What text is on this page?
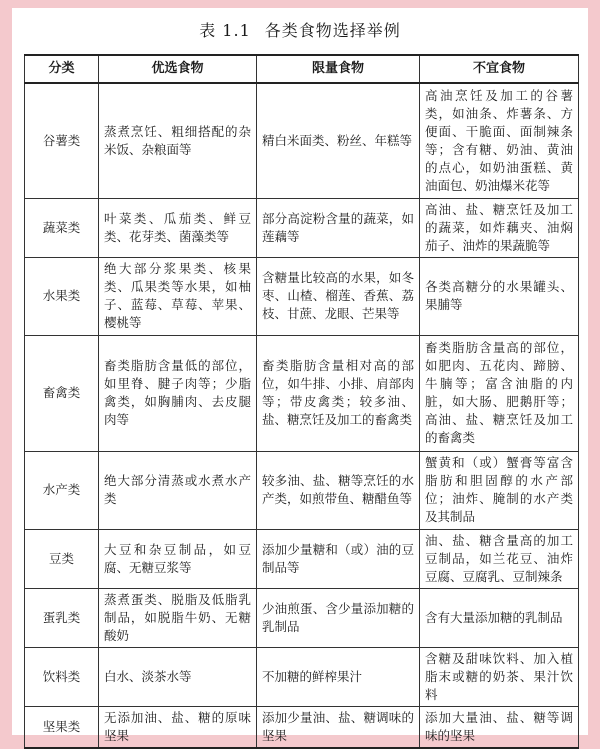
表 1.1 各类食物选择举例
分类	优选食物	限量食物	不宜食物
谷薯类	蒸煮烹饪、粗细搭配的杂米饭、杂粮面等	精白米面类、粉丝、年糕等	高油烹饪及加工的谷薯类，如油条、炸薯条、方便面、干脆面、面制辣条等；含有糖、奶油、黄油的点心，如奶油蛋糕、黄油面包、奶油爆米花等
蔬菜类	叶菜类、瓜茄类、鲜豆类、花芽类、菌藻类等	部分高淀粉含量的蔬菜，如莲藕等	高油、盐、糖烹饪及加工的蔬菜，如炸藕夹、油焖茄子、油炸的果蔬脆等
水果类	绝大部分浆果类、核果类、瓜果类等水果，如柚子、蓝莓、草莓、苹果、樱桃等	含糖量比较高的水果，如冬枣、山楂、榴莲、香蕉、荔枝、甘蔗、龙眼、芒果等	各类高糖分的水果罐头、果脯等
畜禽类	畜类脂肪含量低的部位，如里脊、腱子肉等；少脂禽类，如胸脯肉、去皮腿肉等	畜类脂肪含量相对高的部位，如牛排、小排、肩部肉等；带皮禽类；较多油、盐、糖烹饪及加工的畜禽类	畜类脂肪含量高的部位，如肥肉、五花肉、蹄膀、牛腩等；富含油脂的内脏，如大肠、肥鹅肝等；高油、盐、糖烹饪及加工的畜禽类
水产类	绝大部分清蒸或水煮水产类	较多油、盐、糖等烹饪的水产类，如煎带鱼、糖醋鱼等	蟹黄和（或）蟹膏等富含脂肪和胆固醇的水产部位；油炸、腌制的水产类及其制品
豆类	大豆和杂豆制品，如豆腐、无糖豆浆等	添加少量糖和（或）油的豆制品等	油、盐、糖含量高的加工豆制品，如兰花豆、油炸豆腐、豆腐乳、豆制辣条
蛋乳类	蒸煮蛋类、脱脂及低脂乳制品，如脱脂牛奶、无糖酸奶	少油煎蛋、含少量添加糖的乳制品	含有大量添加糖的乳制品
饮料类	白水、淡茶水等	不加糖的鲜榨果汁	含糖及甜味饮料、加入植脂末或糖的奶茶、果汁饮料
坚果类	无添加油、盐、糖的原味坚果	添加少量油、盐、糖调味的坚果	添加大量油、盐、糖等调味的坚果
